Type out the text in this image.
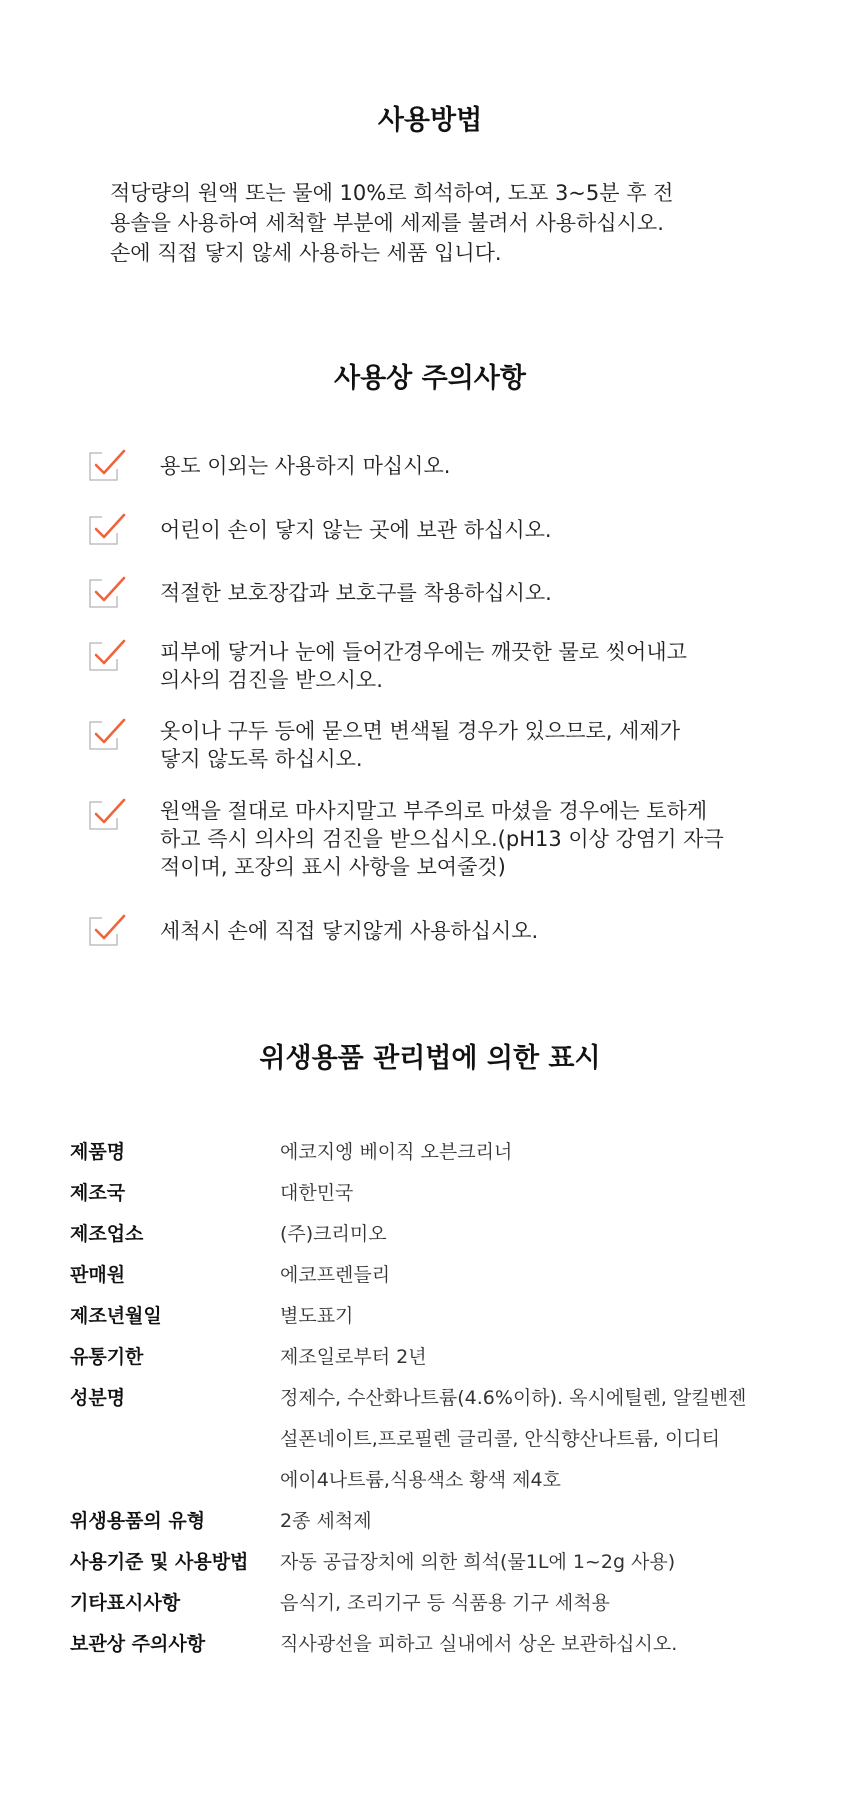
사용방법
적당량의 원액 또는 물에 10%로 희석하여, 도포 3~5분 후 전
용솔을 사용하여 세척할 부분에 세제를 불려서 사용하십시오.
손에 직접 닿지 않세 사용하는 세품 입니다.
사용상 주의사항
용도 이외는 사용하지 마십시오.
어린이 손이 닿지 않는 곳에 보관 하십시오.
적절한 보호장갑과 보호구를 착용하십시오.
피부에 닿거나 눈에 들어간경우에는 깨끗한 물로 씻어내고
의사의 검진을 받으시오.
옷이나 구두 등에 묻으면 변색될 경우가 있으므로, 세제가
닿지 않도록 하십시오.
원액을 절대로 마사지말고 부주의로 마셨을 경우에는 토하게
하고 즉시 의사의 검진을 받으십시오.(pH13 이상 강염기 자극
적이며, 포장의 표시 사항을 보여줄것)
세척시 손에 직접 닿지않게 사용하십시오.
위생용품 관리법에 의한 표시
제품명	에코지엥 베이직 오븐크리너
제조국	대한민국
제조업소	(주)크리미오
판매원	에코프렌들리
제조년월일	별도표기
유통기한	제조일로부터 2년
성분명	정제수, 수산화나트륨(4.6%이하). 옥시에틸렌, 알킬벤젠
설폰네이트,프로필렌 글리콜, 안식향산나트륨, 이디티
에이4나트륨,식용색소 황색 제4호
위생용품의 유형	2종 세척제
사용기준 및 사용방법	자동 공급장치에 의한 희석(물1L에 1~2g 사용)
기타표시사항	음식기, 조리기구 등 식품용 기구 세척용
보관상 주의사항	직사광선을 피하고 실내에서 상온 보관하십시오.
